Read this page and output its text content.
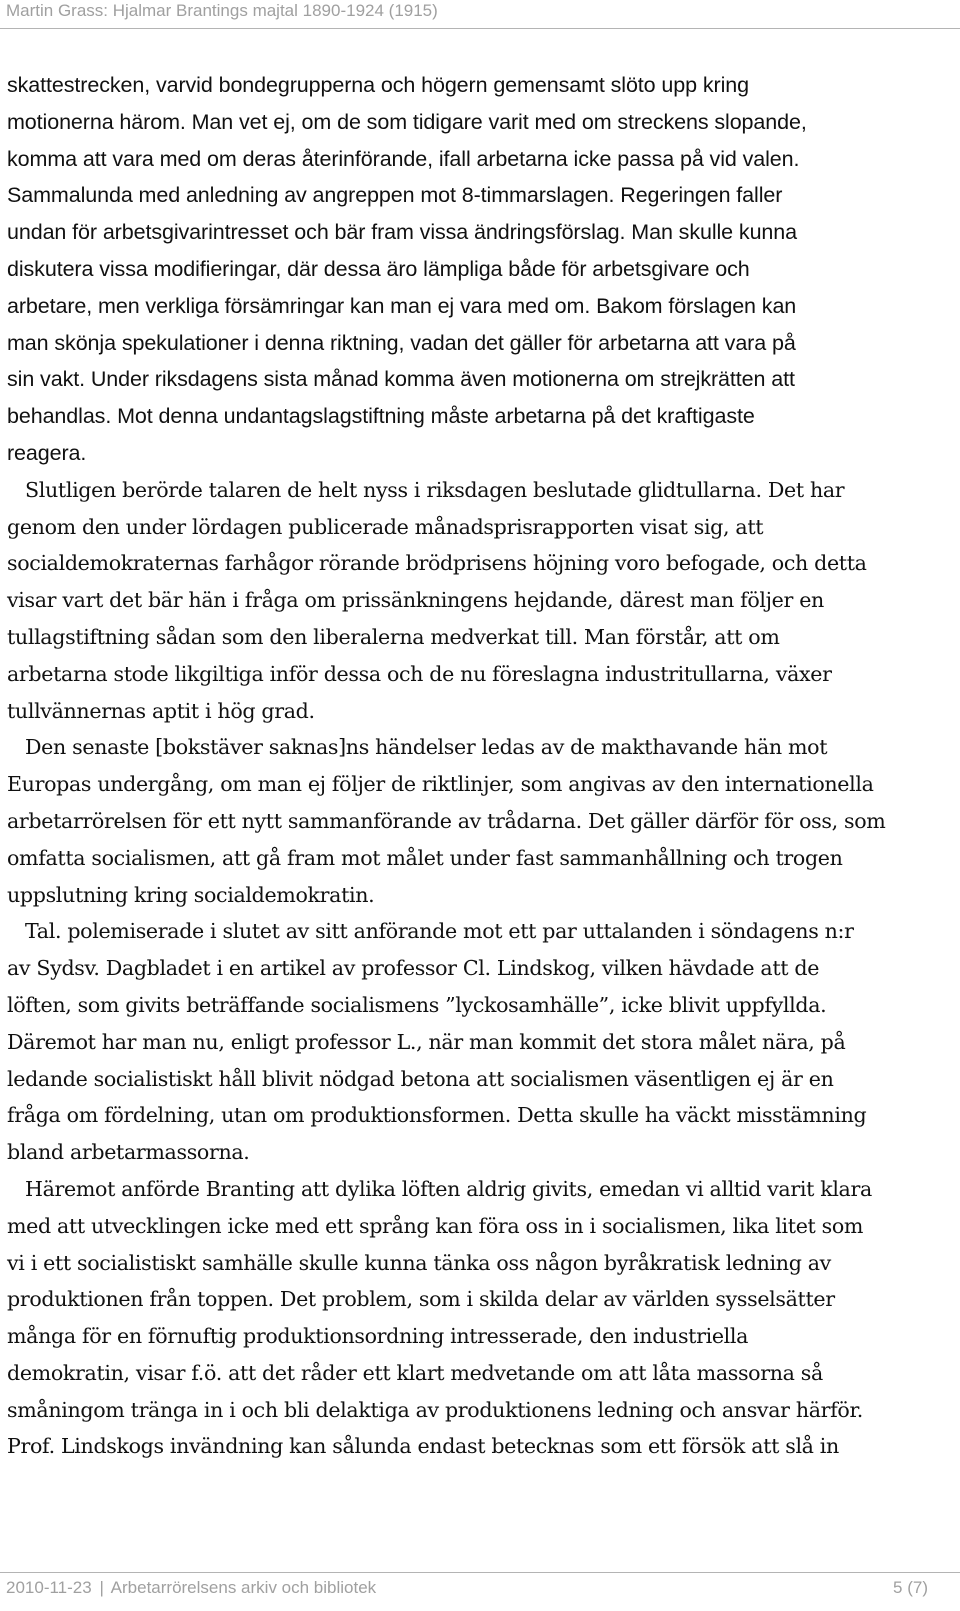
Martin Grass: Hjalmar Brantings majtal 1890-1924 (1915)
skattestrecken, varvid bondegrupperna och högern gemensamt slöto upp kring
motionerna härom. Man vet ej, om de som tidigare varit med om streckens slopande,
komma att vara med om deras återinförande, ifall arbetarna icke passa på vid valen.
Sammalunda med anledning av angreppen mot 8-timmarslagen. Regeringen faller
undan för arbetsgivarintresset och bär fram vissa ändringsförslag. Man skulle kunna
diskutera vissa modifieringar, där dessa äro lämpliga både för arbetsgivare och
arbetare, men verkliga försämringar kan man ej vara med om. Bakom förslagen kan
man skönja spekulationer i denna riktning, vadan det gäller för arbetarna att vara på
sin vakt. Under riksdagens sista månad komma även motionerna om strejkrätten att
behandlas. Mot denna undantagslagstiftning måste arbetarna på det kraftigaste
reagera.
Slutligen berörde talaren de helt nyss i riksdagen beslutade glidtullarna. Det har
genom den under lördagen publicerade månadsprisrapporten visat sig, att
socialdemokraternas farhågor rörande brödprisens höjning voro befogade, och detta
visar vart det bär hän i fråga om prissänkningens hejdande, därest man följer en
tullagstiftning sådan som den liberalerna medverkat till. Man förstår, att om
arbetarna stode likgiltiga inför dessa och de nu föreslagna industritullarna, växer
tullvännernas aptit i hög grad.
Den senaste [bokstäver saknas]ns händelser ledas av de makthavande hän mot
Europas undergång, om man ej följer de riktlinjer, som angivas av den internationella
arbetarrörelsen för ett nytt sammanförande av trådarna. Det gäller därför för oss, som
omfatta socialismen, att gå fram mot målet under fast sammanhållning och trogen
uppslutning kring socialdemokratin.
Tal. polemiserade i slutet av sitt anförande mot ett par uttalanden i söndagens n:r
av Sydsv. Dagbladet i en artikel av professor Cl. Lindskog, vilken hävdade att de
löften, som givits beträffande socialismens ”lyckosamhälle”, icke blivit uppfyllda.
Däremot har man nu, enligt professor L., när man kommit det stora målet nära, på
ledande socialistiskt håll blivit nödgad betona att socialismen väsentligen ej är en
fråga om fördelning, utan om produktionsformen. Detta skulle ha väckt misstämning
bland arbetarmassorna.
Häremot anförde Branting att dylika löften aldrig givits, emedan vi alltid varit klara
med att utvecklingen icke med ett språng kan föra oss in i socialismen, lika litet som
vi i ett socialistiskt samhälle skulle kunna tänka oss någon byråkratisk ledning av
produktionen från toppen. Det problem, som i skilda delar av världen sysselsätter
många för en förnuftig produktionsordning intresserade, den industriella
demokratin, visar f.ö. att det råder ett klart medvetande om att låta massorna så
småningom tränga in i och bli delaktiga av produktionens ledning och ansvar härför.
Prof. Lindskogs invändning kan sålunda endast betecknas som ett försök att slå in
2010-11-23 | Arbetarrörelsens arkiv och bibliotek	5 (7)
